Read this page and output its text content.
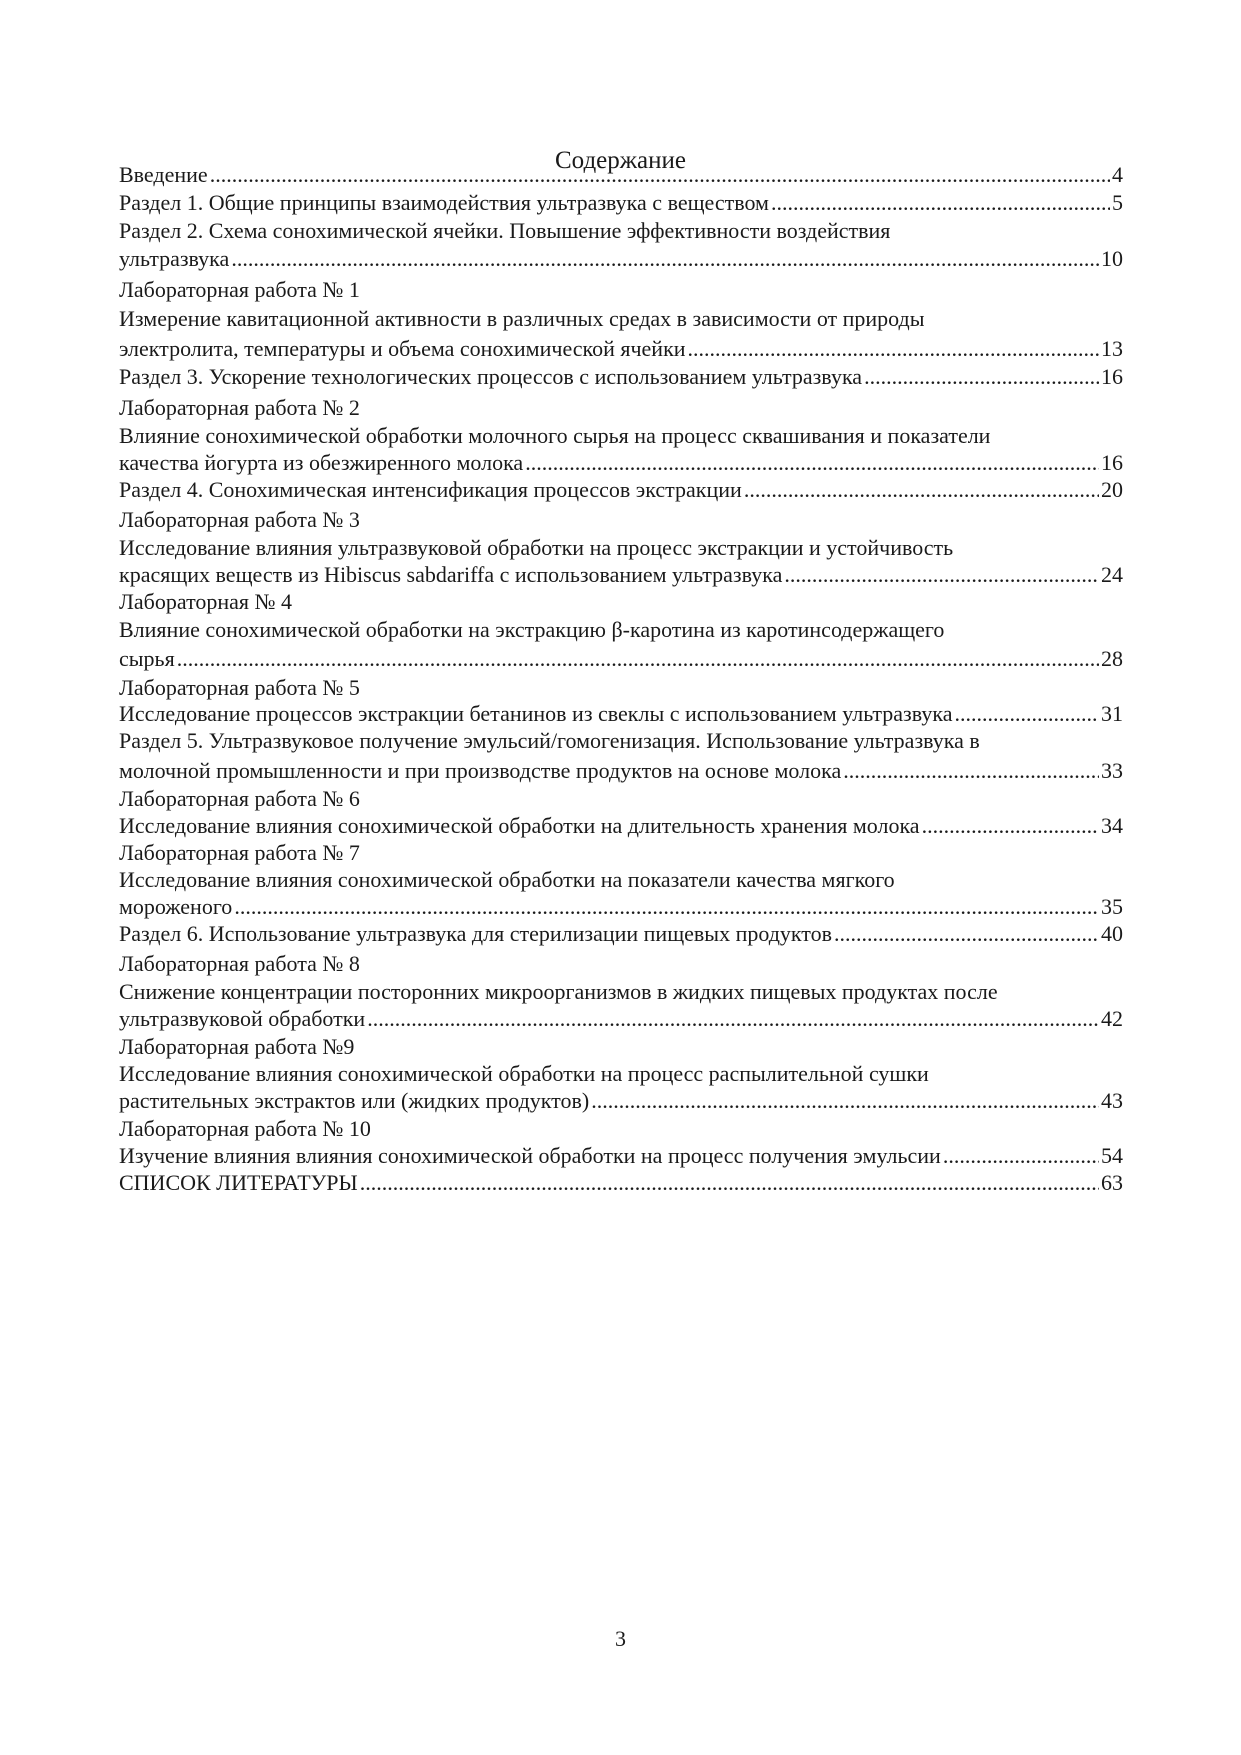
Содержание
Введение .....	4
Раздел 1. Общие принципы взаимодействия ультразвука с веществом .....	5
Раздел 2. Схема сонохимической ячейки. Повышение эффективности воздействия
ультразвука .....	10
Лабораторная работа № 1
Измерение кавитационной активности в различных средах в зависимости от природы
электролита, температуры и объема сонохимической ячейки .....	13
Раздел 3. Ускорение технологических процессов с использованием ультразвука .....	16
Лабораторная работа № 2
Влияние сонохимической обработки молочного сырья на процесс сквашивания и показатели
качества йогурта из обезжиренного молока .....	16
Раздел 4. Сонохимическая интенсификация процессов экстракции .....	20
Лабораторная работа № 3
Исследование влияния ультразвуковой обработки на процесс экстракции и устойчивость
красящих веществ из Hibiscus sabdariffa с использованием ультразвука .....	24
Лабораторная № 4
Влияние сонохимической обработки на экстракцию β-каротина из каротинсодержащего
сырья .....	28
Лабораторная работа № 5
Исследование процессов экстракции бетанинов из свеклы с использованием ультразвука .....	31
Раздел 5. Ультразвуковое получение эмульсий/гомогенизация. Использование ультразвука в
молочной промышленности и при производстве продуктов на основе молока .....	33
Лабораторная работа № 6
Исследование влияния сонохимической обработки на длительность хранения молока .....	34
Лабораторная работа № 7
Исследование влияния сонохимической обработки на показатели качества мягкого
мороженого .....	35
Раздел 6. Использование ультразвука для стерилизации пищевых продуктов .....	40
Лабораторная работа № 8
Снижение концентрации посторонних микроорганизмов в жидких пищевых продуктах после
ультразвуковой обработки .....	42
Лабораторная работа №9
Исследование влияния сонохимической обработки на процесс распылительной сушки
растительных экстрактов или (жидких продуктов) .....	43
Лабораторная работа № 10
Изучение влияния влияния сонохимической обработки на процесс получения эмульсии .....	54
СПИСОК ЛИТЕРАТУРЫ .....	63
3
